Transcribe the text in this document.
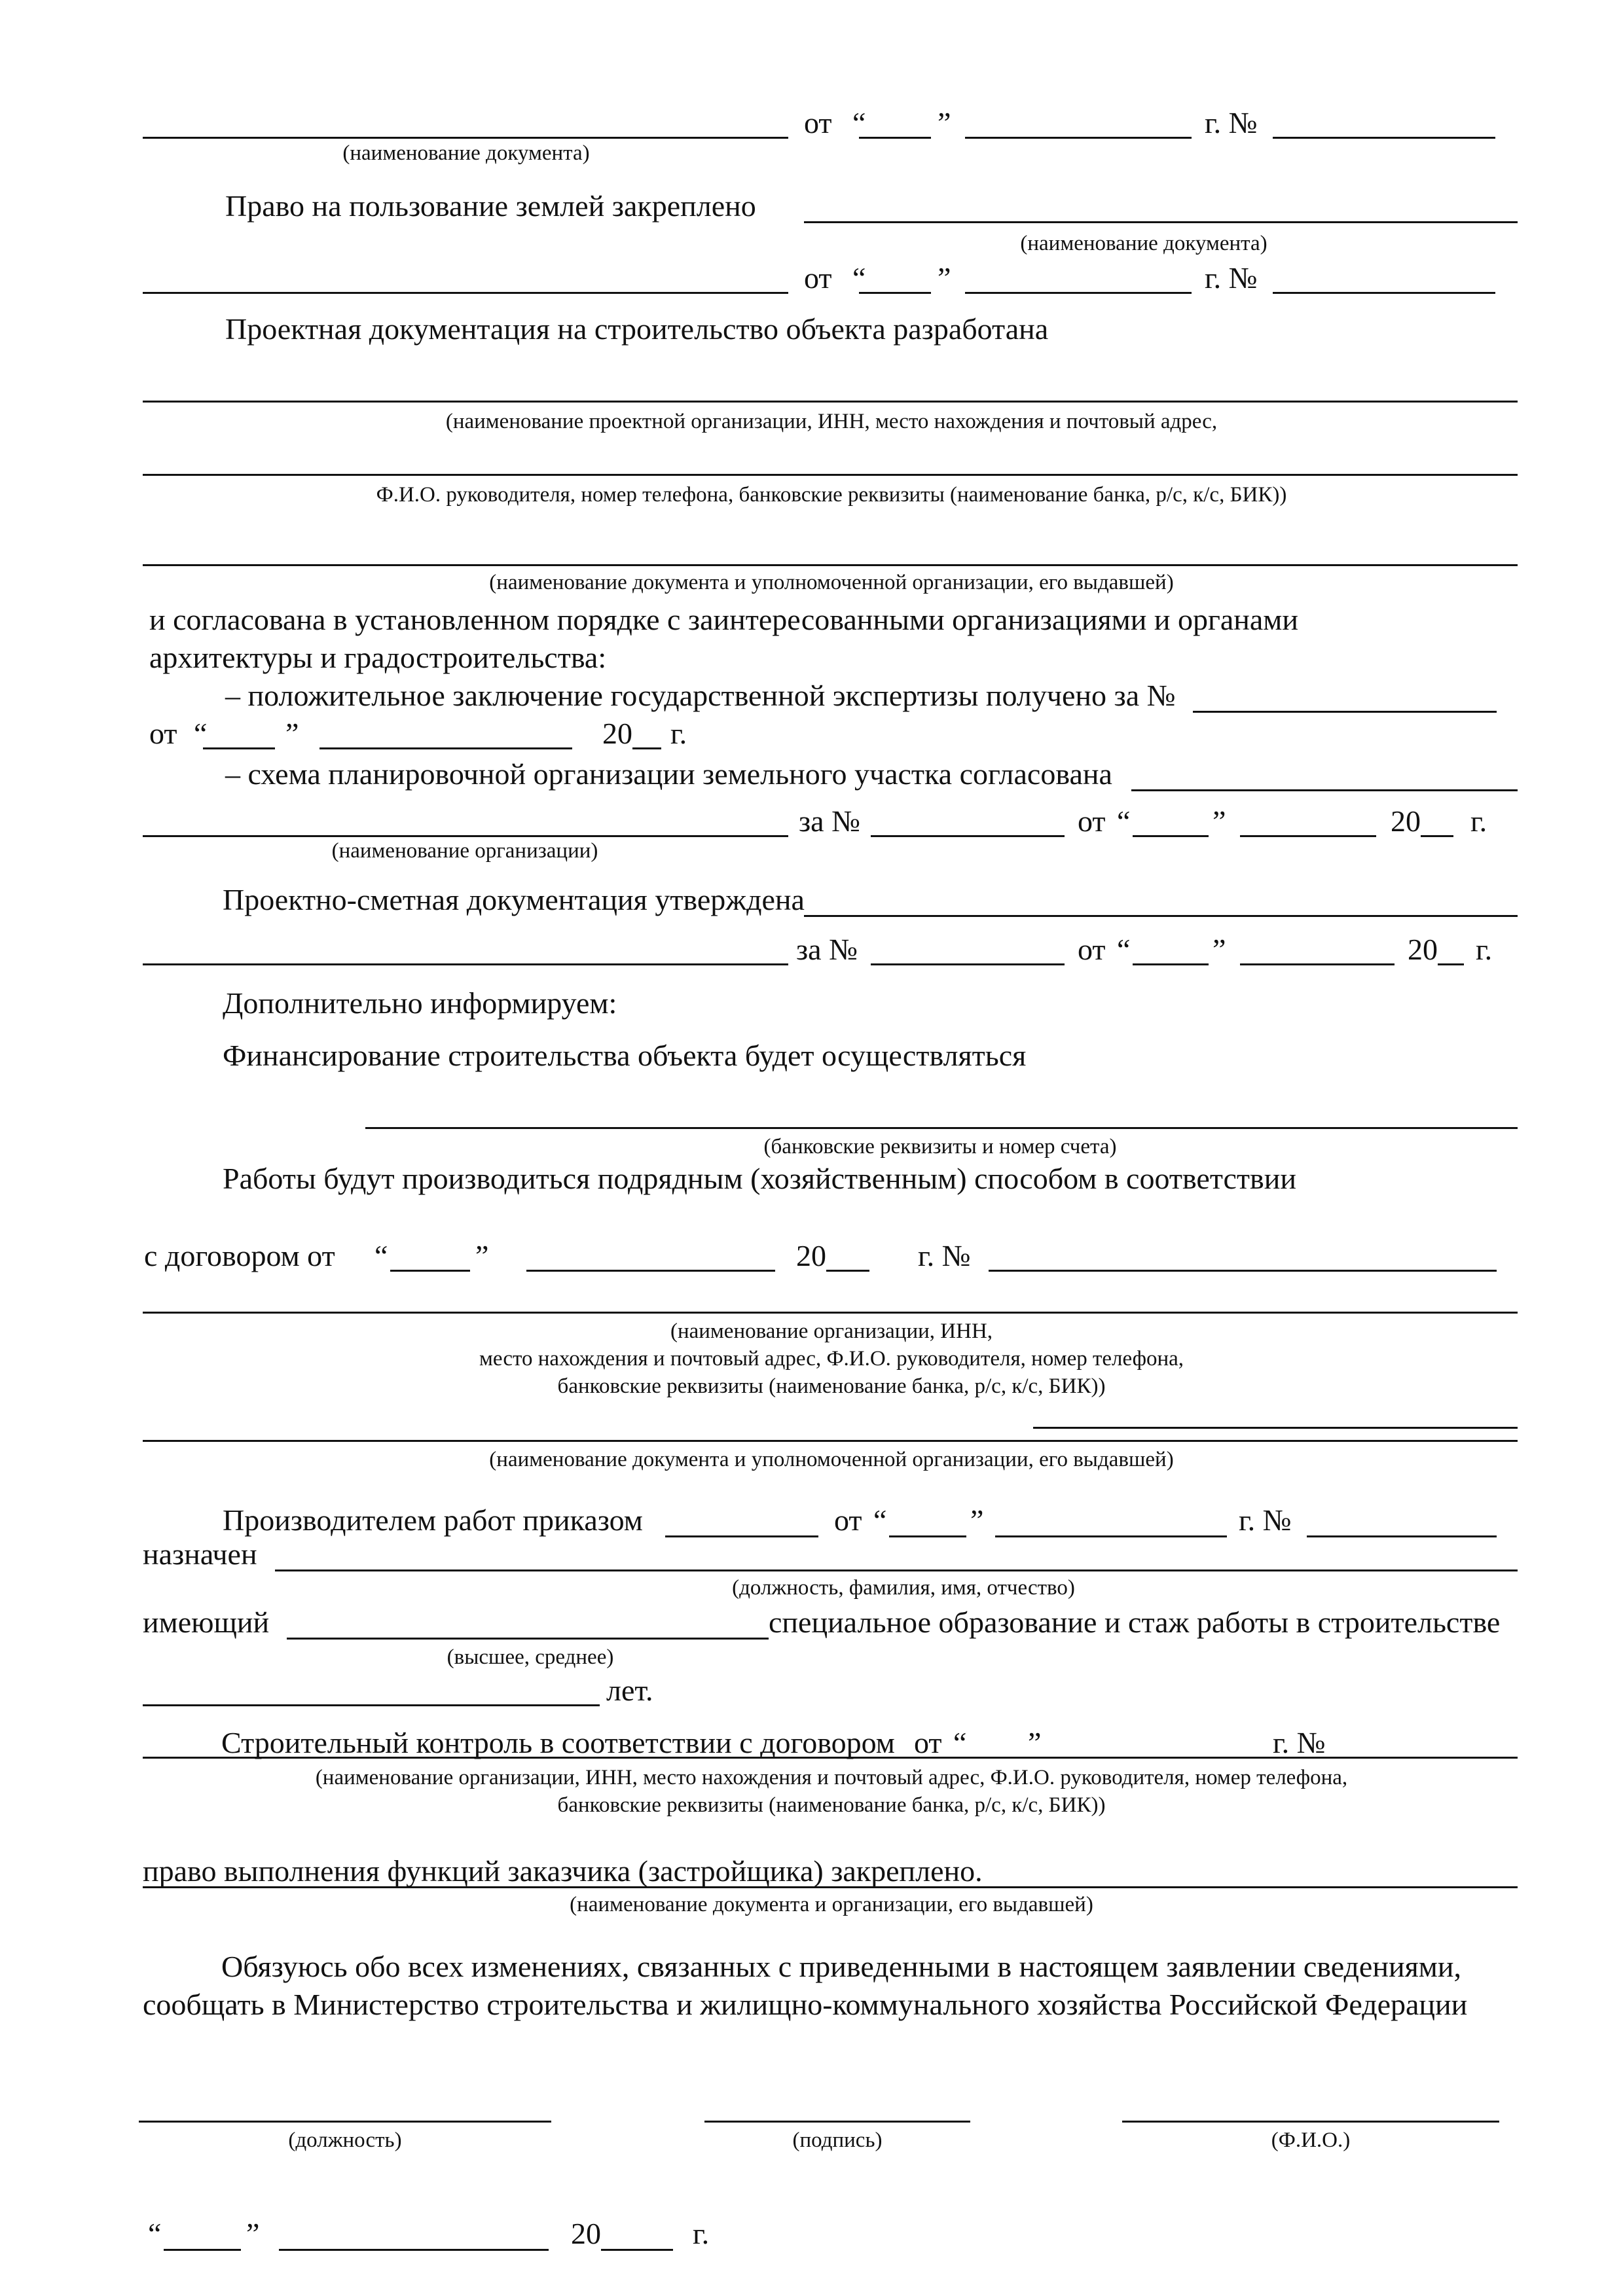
от “ ”	г. №
(наименование документа)
Право на пользование землей закреплено
(наименование документа)
от “ ”	г. №
Проектная документация на строительство объекта разработана
(наименование проектной организации, ИНН, место нахождения и почтовый адрес,
Ф.И.О. руководителя, номер телефона, банковские реквизиты (наименование банка, р/с, к/с, БИК))
(наименование документа и уполномоченной организации, его выдавшей)
и согласована в установленном порядке с заинтересованными организациями и органами
архитектуры и градостроительства:
– положительное заключение государственной экспертизы получено за №
от “	”	20 г.
– схема планировочной организации земельного участка согласована
за №	от “	”	20 г.
(наименование организации)
Проектно-сметная документация утверждена
за №	от “	”	20 г.
Дополнительно информируем:
Финансирование строительства объекта будет осуществляться
(банковские реквизиты и номер счета)
Работы будут производиться подрядным (хозяйственным) способом в соответствии
с договором от “	”	20	г. №
(наименование организации, ИНН,
место нахождения и почтовый адрес, Ф.И.О. руководителя, номер телефона,
банковские реквизиты (наименование банка, р/с, к/с, БИК))
(наименование документа и уполномоченной организации, его выдавшей)
Производителем работ приказом	от “	”	г. №
назначен
(должность, фамилия, имя, отчество)
имеющий	специальное образование и стаж работы в строительстве
(высшее, среднее)
лет.
Строительный контроль в соответствии с договором от “ ”	г. №
(наименование организации, ИНН, место нахождения и почтовый адрес, Ф.И.О. руководителя, номер телефона,
банковские реквизиты (наименование банка, р/с, к/с, БИК))
право выполнения функций заказчика (застройщика) закреплено.
(наименование документа и организации, его выдавшей)
Обязуюсь обо всех изменениях, связанных с приведенными в настоящем заявлении сведениями,
сообщать в Министерство строительства и жилищно-коммунального хозяйства Российской Федерации
(должность)	(подпись)	(Ф.И.О.)
“	”	20	г.
